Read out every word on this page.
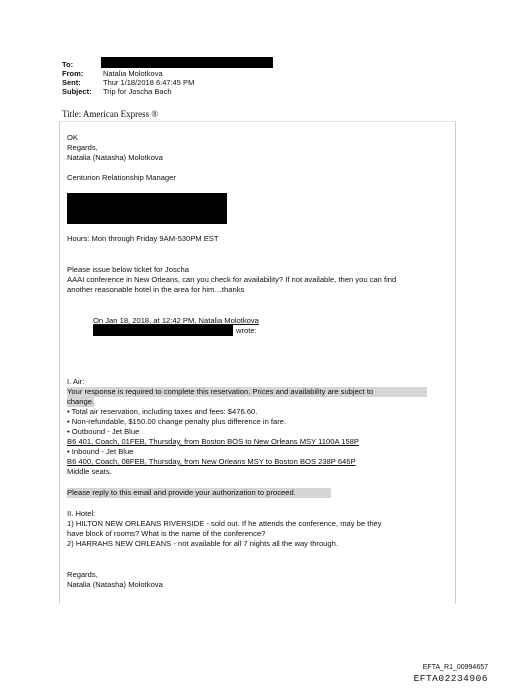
To:
From:	Natalia Molotkova
Sent:	Thur 1/18/2018 6:47:45 PM
Subject: Trip for Joscha Bach
Title: American Express ®
OK
Regards,
Natalia (Natasha) Molotkova
Centurion Relationship Manager
Hours: Mon through Friday 9AM-530PM EST
Please issue below ticket for Joscha
AAAI conference in New Orleans, can you check for availability? If not available, then you can find
another reasonable hotel in the area for him…thanks
On Jan 18, 2018, at 12:42 PM, Natalia Molotkova
wrote:
I. Air:
Your response is required to complete this reservation. Prices and availability are subject to
change.
• Total air reservation, including taxes and fees: $476.60.
• Non-refundable, $150.00 change penalty plus difference in fare.
• Outbound - Jet Blue
B6 401, Coach, 01FEB, Thursday, from Boston BOS to New Orleans MSY 1100A 158P
• Inbound - Jet Blue
B6 400, Coach, 08FEB, Thursday, from New Orleans MSY to Boston BOS 238P 646P
Middle seats.
Please reply to this email and provide your authorization to proceed.
II. Hotel:
1) HILTON NEW ORLEANS RIVERSIDE - sold out. If he attends the conference, may be they
have block of rooms? What is the name of the conference?
2) HARRAHS NEW ORLEANS - not available for all 7 nights all the way through.
Regards,
Natalia (Natasha) Molotkova
EFTA_R1_00994657
EFTA02234906
